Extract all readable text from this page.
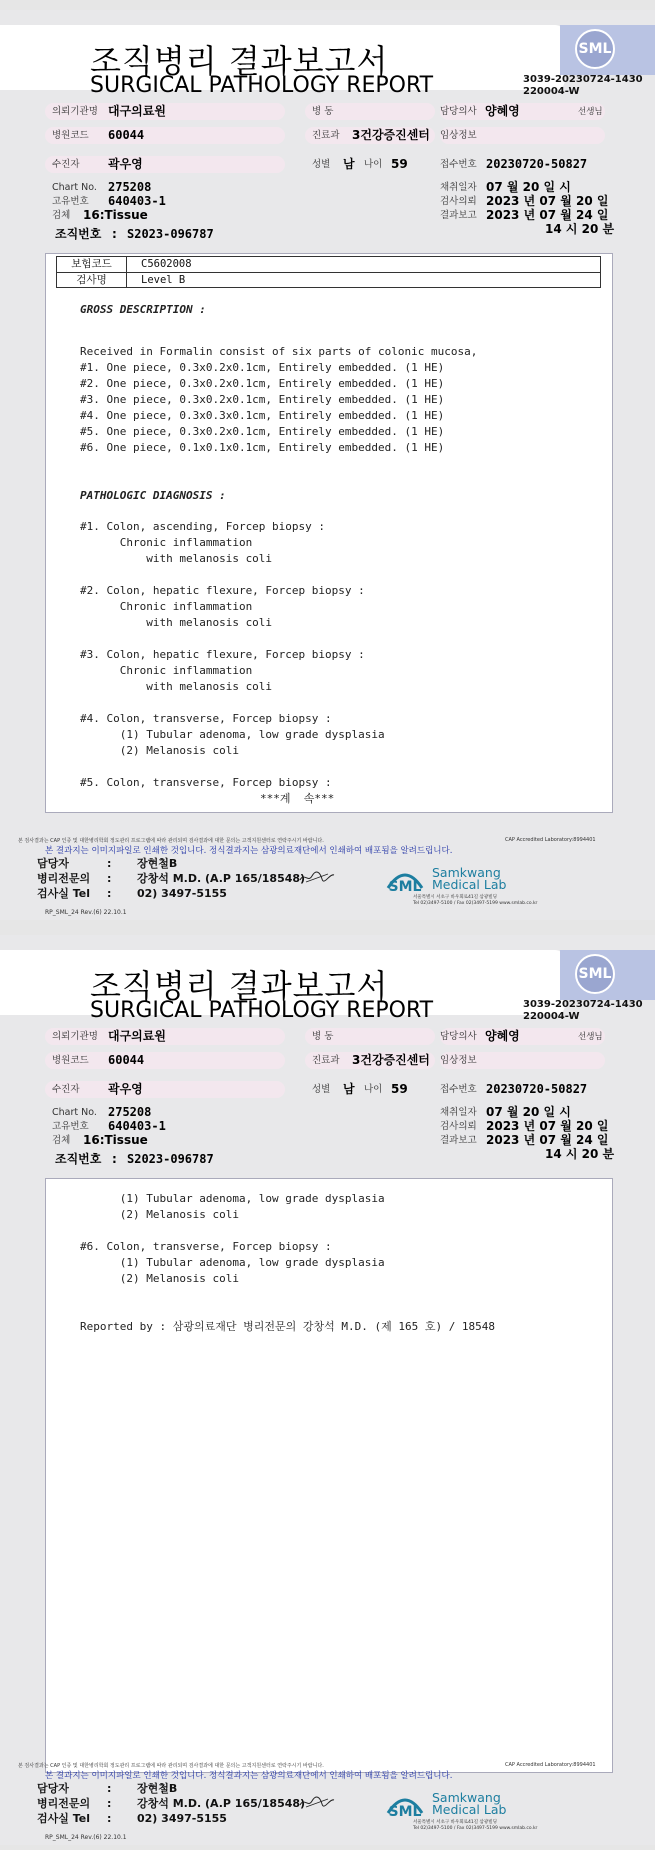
SML
조직병리 결과보고서
SURGICAL PATHOLOGY REPORT	3039-20230724-1430
220004-W
의뢰기관명 대구의료원	병 동	담당의사 양혜영	선생님
병원코드 60044	진료과 3건강증진센터 임상정보
수진자 곽우영	성별 남 나이 59	접수번호 20230720-50827
Chart No. 275208
고유번호 640403-1
검체 16:Tissue
조직번호 : S2023-096787
채취일자 07 월 20 일 시
검사의뢰 2023 년 07 월 20 일
결과보고 2023 년 07 월 24 일
14 시 20 분
보험코드	C5602008
검사명	Level B
GROSS DESCRIPTION :
Received in Formalin consist of six parts of colonic mucosa,
#1. One piece, 0.3x0.2x0.1cm, Entirely embedded. (1 HE)
#2. One piece, 0.3x0.2x0.1cm, Entirely embedded. (1 HE)
#3. One piece, 0.3x0.2x0.1cm, Entirely embedded. (1 HE)
#4. One piece, 0.3x0.3x0.1cm, Entirely embedded. (1 HE)
#5. One piece, 0.3x0.2x0.1cm, Entirely embedded. (1 HE)
#6. One piece, 0.1x0.1x0.1cm, Entirely embedded. (1 HE)
PATHOLOGIC DIAGNOSIS :
#1. Colon, ascending, Forcep biopsy :
Chronic inflammation
with melanosis coli

#2. Colon, hepatic flexure, Forcep biopsy :
Chronic inflammation
with melanosis coli

#3. Colon, hepatic flexure, Forcep biopsy :
Chronic inflammation
with melanosis coli

#4. Colon, transverse, Forcep biopsy :
(1) Tubular adenoma, low grade dysplasia
(2) Melanosis coli

#5. Colon, transverse, Forcep biopsy :
***계  속***
본 검사결과는 CAP 인증 및 대한병리학회 정도관리 프로그램에 따라 관리되며 검사결과에 대한 문의는 고객지원센터로 연락주시기 바랍니다.	CAP Accredited Laboratory:8994401
본 결과지는 이미지파일로 인쇄한 것입니다. 정식결과지는 삼광의료재단에서 인쇄하여 배포됨을 알려드립니다.
담당자	: 장현철B
병리전문의 : 강창석 M.D. (A.P 165/18548)
검사실 Tel : 02) 3497-5155
RP_SML_24 Rev.(6) 22.10.1
SML
Samkwang
Medical Lab
서울특별시 서초구 바우뫼로41길 삼광빌딩
Tel 02)3497-5100 / Fax 02)3497-5199 www.smlab.co.kr
SML
조직병리 결과보고서
SURGICAL PATHOLOGY REPORT	3039-20230724-1430
220004-W
의뢰기관명 대구의료원	병 동	담당의사 양혜영	선생님
병원코드 60044	진료과 3건강증진센터 임상정보
수진자 곽우영	성별 남 나이 59	접수번호 20230720-50827
Chart No. 275208
고유번호 640403-1
검체 16:Tissue
조직번호 : S2023-096787
채취일자 07 월 20 일 시
검사의뢰 2023 년 07 월 20 일
결과보고 2023 년 07 월 24 일
14 시 20 분
(1) Tubular adenoma, low grade dysplasia
(2) Melanosis coli

#6. Colon, transverse, Forcep biopsy :
(1) Tubular adenoma, low grade dysplasia
(2) Melanosis coli

Reported by : 삼광의료재단 병리전문의 강창석 M.D. (제 165 호) / 18548
본 검사결과는 CAP 인증 및 대한병리학회 정도관리 프로그램에 따라 관리되며 검사결과에 대한 문의는 고객지원센터로 연락주시기 바랍니다.	CAP Accredited Laboratory:8994401
본 결과지는 이미지파일로 인쇄한 것입니다. 정식결과지는 삼광의료재단에서 인쇄하여 배포됨을 알려드립니다.
담당자	: 장현철B
병리전문의 : 강창석 M.D. (A.P 165/18548)
검사실 Tel : 02) 3497-5155
RP_SML_24 Rev.(6) 22.10.1
SML
Samkwang
Medical Lab
서울특별시 서초구 바우뫼로41길 삼광빌딩
Tel 02)3497-5100 / Fax 02)3497-5199 www.smlab.co.kr
